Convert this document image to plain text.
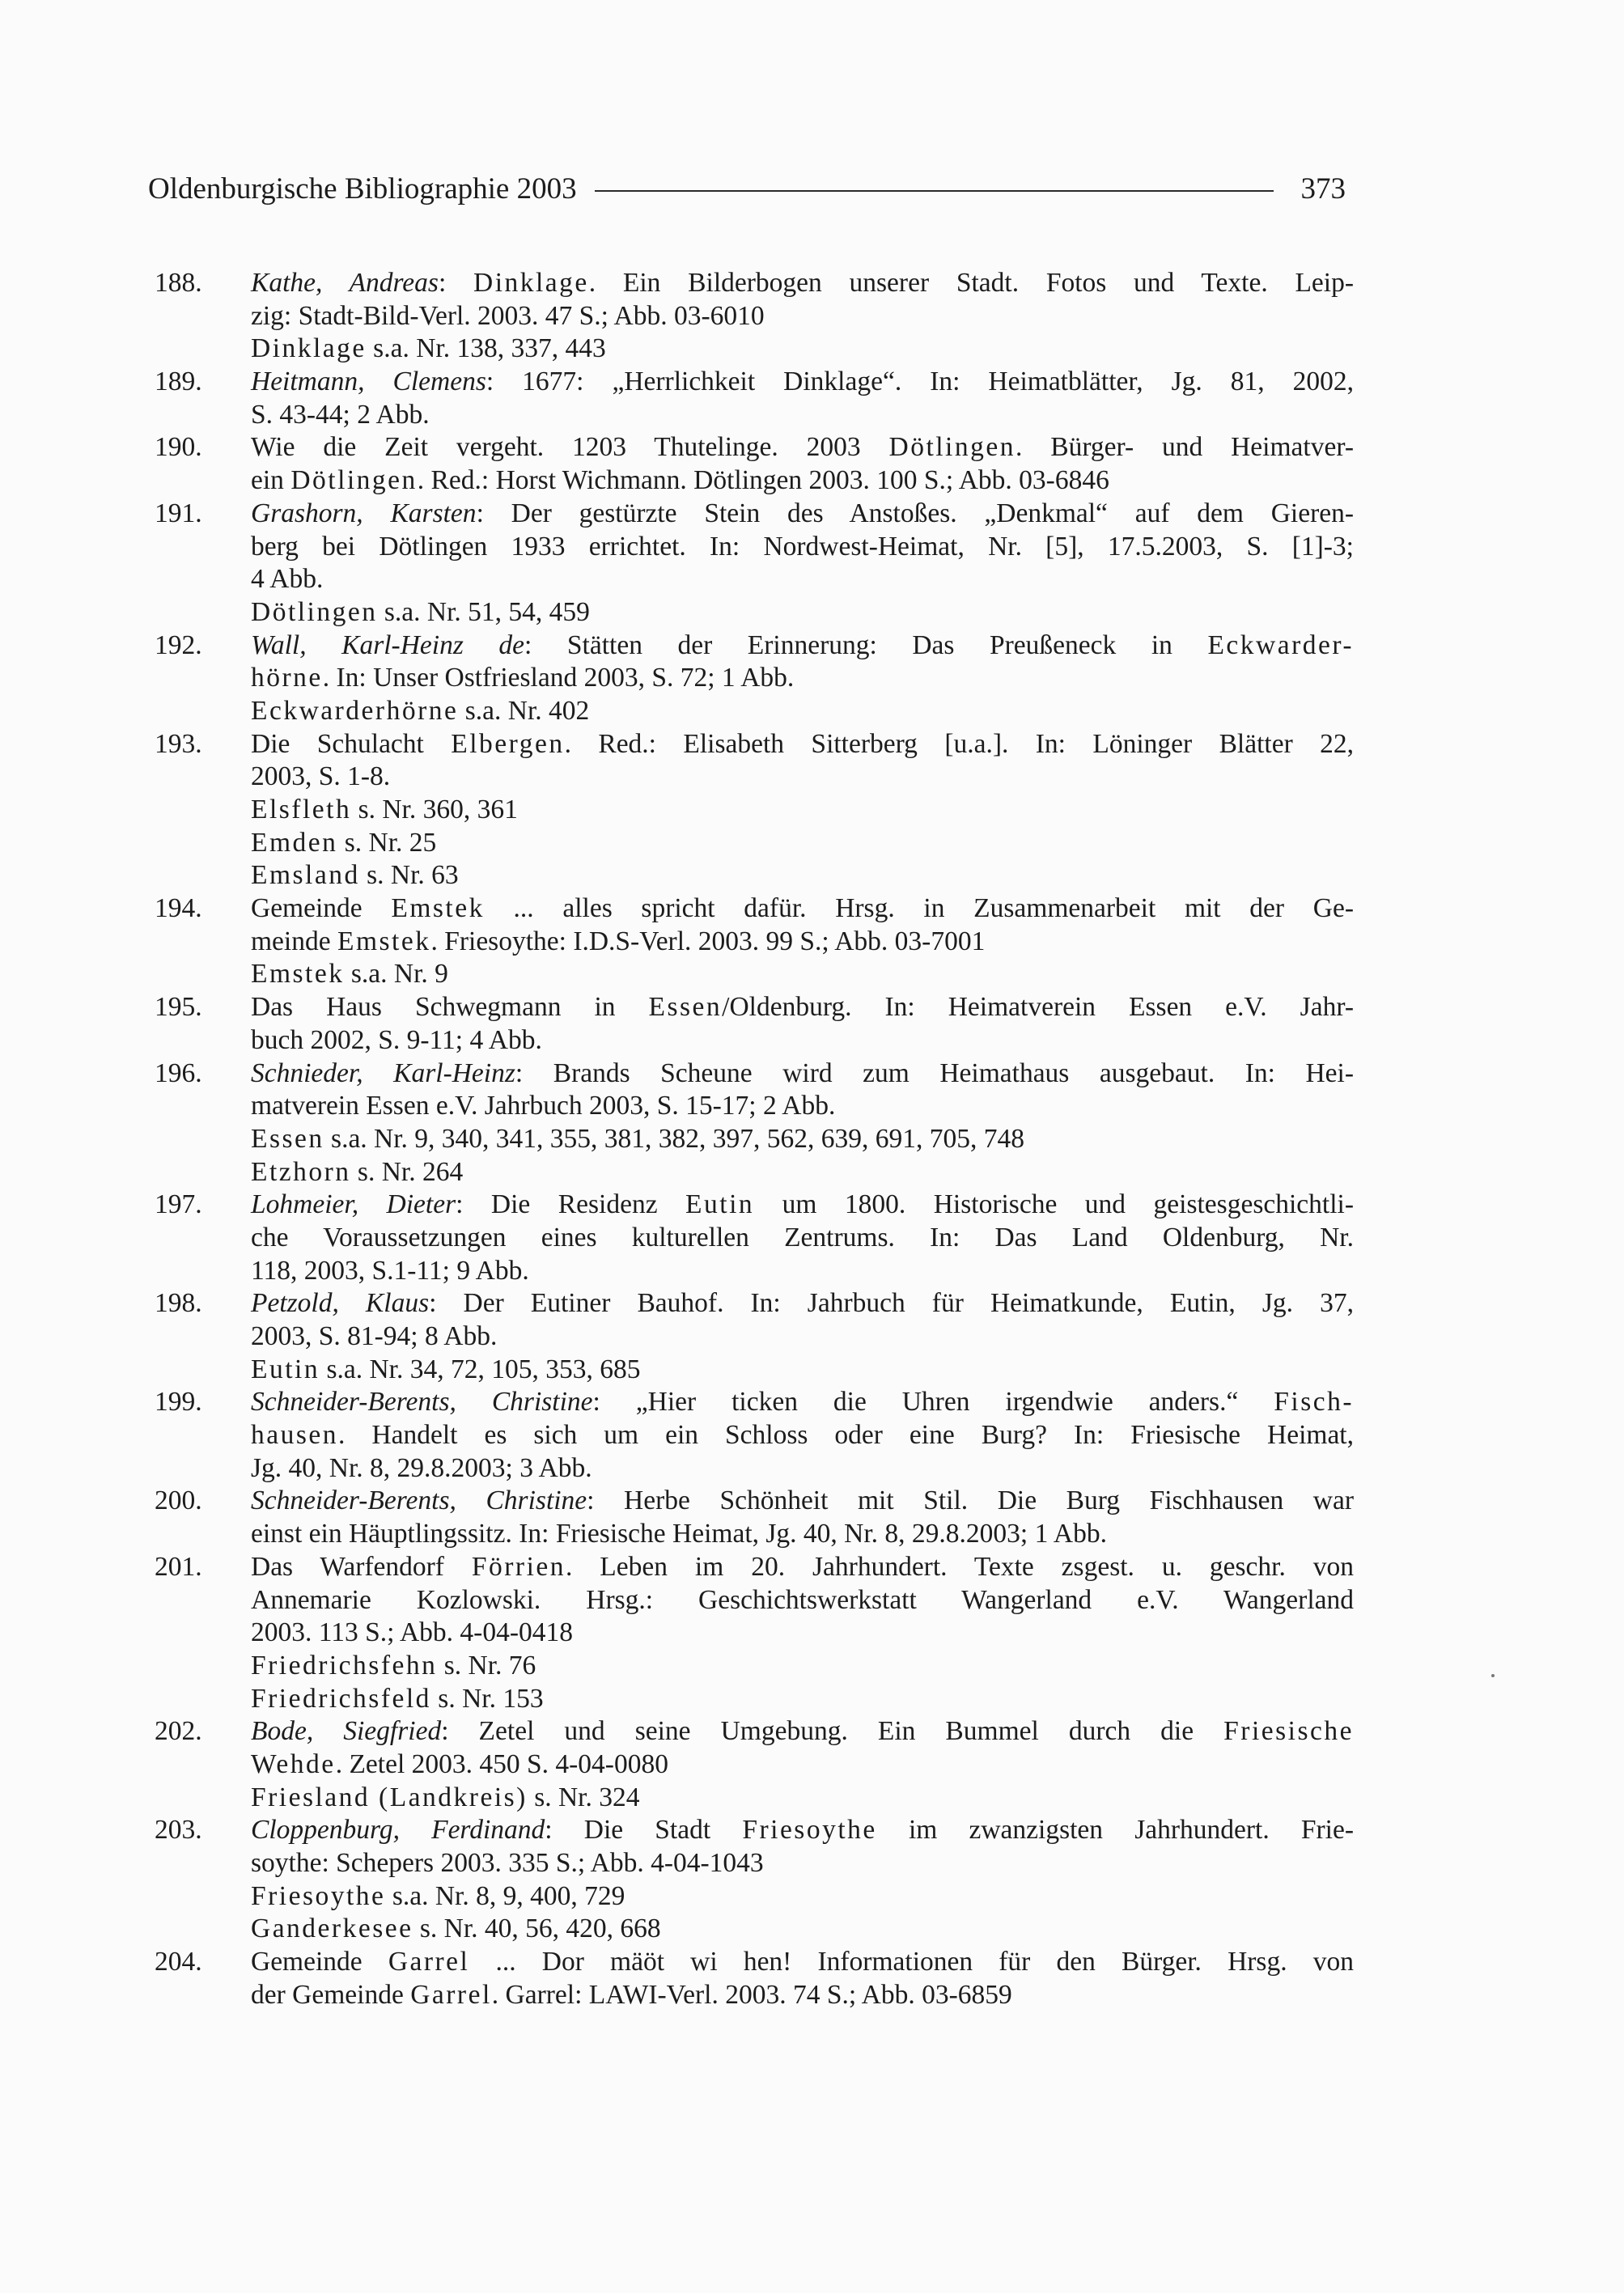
Oldenburgische Bibliographie 2003	373
188. Kathe, Andreas: Dinklage. Ein Bilderbogen unserer Stadt. Fotos und Texte. Leip-
zig: Stadt-Bild-Verl. 2003. 47 S.; Abb. 03-6010
Dinklage s.a. Nr. 138, 337, 443
189. Heitmann, Clemens: 1677: „Herrlichkeit Dinklage“. In: Heimatblätter, Jg. 81, 2002,
S. 43-44; 2 Abb.
190. Wie die Zeit vergeht. 1203 Thutelinge. 2003 Dötlingen. Bürger- und Heimatver-
ein Dötlingen. Red.: Horst Wichmann. Dötlingen 2003. 100 S.; Abb. 03-6846
191. Grashorn, Karsten: Der gestürzte Stein des Anstoßes. „Denkmal“ auf dem Gieren-
berg bei Dötlingen 1933 errichtet. In: Nordwest-Heimat, Nr. [5], 17.5.2003, S. [1]-3;
4 Abb.
Dötlingen s.a. Nr. 51, 54, 459
192. Wall, Karl-Heinz de: Stätten der Erinnerung: Das Preußeneck in Eckwarder-
hörne. In: Unser Ostfriesland 2003, S. 72; 1 Abb.
Eckwarderhörne s.a. Nr. 402
193. Die Schulacht Elbergen. Red.: Elisabeth Sitterberg [u.a.]. In: Löninger Blätter 22,
2003, S. 1-8.
Elsfleth s. Nr. 360, 361
Emden s. Nr. 25
Emsland s. Nr. 63
194. Gemeinde Emstek ... alles spricht dafür. Hrsg. in Zusammenarbeit mit der Ge-
meinde Emstek. Friesoythe: I.D.S-Verl. 2003. 99 S.; Abb. 03-7001
Emstek s.a. Nr. 9
195. Das Haus Schwegmann in Essen/Oldenburg. In: Heimatverein Essen e.V. Jahr-
buch 2002, S. 9-11; 4 Abb.
196. Schnieder, Karl-Heinz: Brands Scheune wird zum Heimathaus ausgebaut. In: Hei-
matverein Essen e.V. Jahrbuch 2003, S. 15-17; 2 Abb.
Essen s.a. Nr. 9, 340, 341, 355, 381, 382, 397, 562, 639, 691, 705, 748
Etzhorn s. Nr. 264
197. Lohmeier, Dieter: Die Residenz Eutin um 1800. Historische und geistesgeschichtli-
che Voraussetzungen eines kulturellen Zentrums. In: Das Land Oldenburg, Nr.
118, 2003, S.1-11; 9 Abb.
198. Petzold, Klaus: Der Eutiner Bauhof. In: Jahrbuch für Heimatkunde, Eutin, Jg. 37,
2003, S. 81-94; 8 Abb.
Eutin s.a. Nr. 34, 72, 105, 353, 685
199. Schneider-Berents, Christine: „Hier ticken die Uhren irgendwie anders.“ Fisch-
hausen. Handelt es sich um ein Schloss oder eine Burg? In: Friesische Heimat,
Jg. 40, Nr. 8, 29.8.2003; 3 Abb.
200. Schneider-Berents, Christine: Herbe Schönheit mit Stil. Die Burg Fischhausen war
einst ein Häuptlingssitz. In: Friesische Heimat, Jg. 40, Nr. 8, 29.8.2003; 1 Abb.
201. Das Warfendorf Förrien. Leben im 20. Jahrhundert. Texte zsgest. u. geschr. von
Annemarie Kozlowski. Hrsg.: Geschichtswerkstatt Wangerland e.V. Wangerland
2003. 113 S.; Abb. 4-04-0418
Friedrichsfehn s. Nr. 76
Friedrichsfeld s. Nr. 153
202. Bode, Siegfried: Zetel und seine Umgebung. Ein Bummel durch die Friesische
Wehde. Zetel 2003. 450 S. 4-04-0080
Friesland (Landkreis) s. Nr. 324
203. Cloppenburg, Ferdinand: Die Stadt Friesoythe im zwanzigsten Jahrhundert. Frie-
soythe: Schepers 2003. 335 S.; Abb. 4-04-1043
Friesoythe s.a. Nr. 8, 9, 400, 729
Ganderkesee s. Nr. 40, 56, 420, 668
204. Gemeinde Garrel ... Dor mäöt wi hen! Informationen für den Bürger. Hrsg. von
der Gemeinde Garrel. Garrel: LAWI-Verl. 2003. 74 S.; Abb. 03-6859
